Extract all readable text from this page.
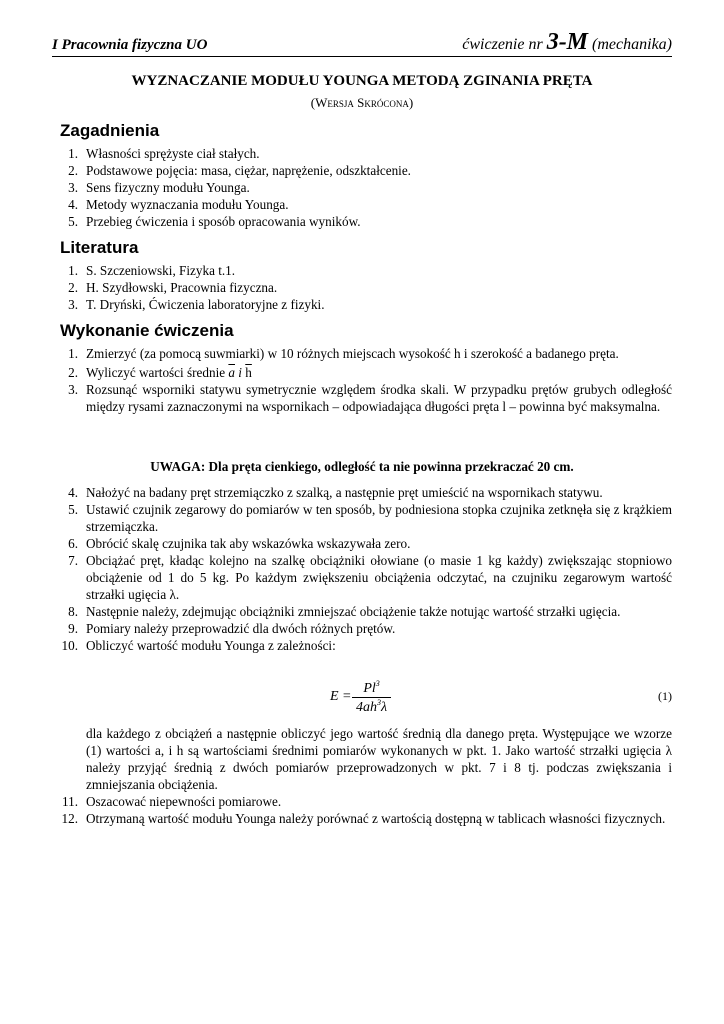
I Pracownia fizyczna UO	ćwiczenie nr 3-M (mechanika)
WYZNACZANIE MODUŁU YOUNGA METODĄ ZGINANIA PRĘTA
(Wersja Skrócona)
Zagadnienia
1. Własności sprężyste ciał stałych.
2. Podstawowe pojęcia: masa, ciężar, naprężenie, odszktałcenie.
3. Sens fizyczny modułu Younga.
4. Metody wyznaczania modułu Younga.
5. Przebieg ćwiczenia i sposób opracowania wyników.
Literatura
1. S. Szczeniowski, Fizyka t.1.
2. H. Szydłowski, Pracownia fizyczna.
3. T. Dryński, Ćwiczenia laboratoryjne z fizyki.
Wykonanie ćwiczenia
1. Zmierzyć (za pomocą suwmiarki) w 10 różnych miejscach wysokość h i szerokość a badanego pręta.
2. Wyliczyć wartości średnie $\overline{a}$ i $\overline{h}$
3. Rozsunąć wsporniki statywu symetrycznie względem środka skali. W przypadku prętów grubych odległość między rysami zaznaczonymi na wspornikach – odpowiadająca długości pręta l – powinna być maksymalna.
UWAGA: Dla pręta cienkiego, odległość ta nie powinna przekraczać 20 cm.
4. Nałożyć na badany pręt strzemiączko z szalką, a następnie pręt umieścić na wspornikach statywu.
5. Ustawić czujnik zegarowy do pomiarów w ten sposób, by podniesiona stopka czujnika zetknęła się z krążkiem strzemiączka.
6. Obrócić skalę czujnika tak aby wskazówka wskazywała zero.
7. Obciążać pręt, kładąc kolejno na szalkę obciążniki ołowiane (o masie 1 kg każdy) zwiększając stopniowo obciążenie od 1 do 5 kg. Po każdym zwiększeniu obciążenia odczytać, na czujniku zegarowym wartość strzałki ugięcia λ.
8. Następnie należy, zdejmując obciążniki zmniejszać obciążenie także notując wartość strzałki ugięcia.
9. Pomiary należy przeprowadzić dla dwóch różnych prętów.
10. Obliczyć wartość modułu Younga z zależności:
$E = \frac{Pl^3}{4ah^3\lambda}$	(1)
dla każdego z obciążeń a następnie obliczyć jego wartość średnią dla danego pręta. Występujące we wzorze (1) wartości a, i h są wartościami średnimi pomiarów wykonanych w pkt. 1. Jako wartość strzałki ugięcia λ należy przyjąć średnią z dwóch pomiarów przeprowadzonych w pkt. 7 i 8 tj. podczas zwiększania i zmniejszania obciążenia.
11. Oszacować niepewności pomiarowe.
12. Otrzymaną wartość modułu Younga należy porównać z wartością dostępną w tablicach własności fizycznych.
